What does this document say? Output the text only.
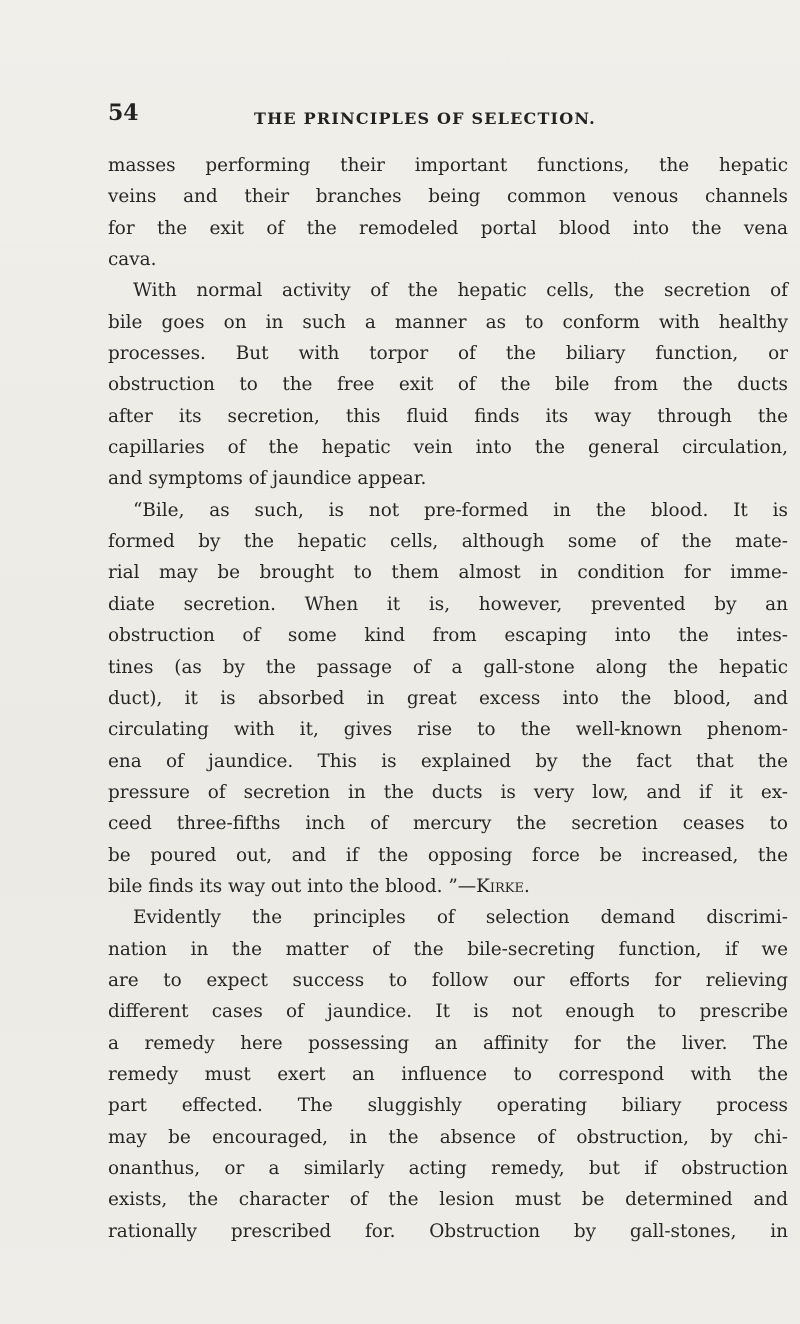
54	THE PRINCIPLES OF SELECTION.
masses performing their important functions, the hepatic
veins and their branches being common venous channels
for the exit of the remodeled portal blood into the vena
cava.
With normal activity of the hepatic cells, the secretion of
bile goes on in such a manner as to conform with healthy
processes. But with torpor of the biliary function, or
obstruction to the free exit of the bile from the ducts
after its secretion, this fluid finds its way through the
capillaries of the hepatic vein into the general circulation,
and symptoms of jaundice appear.
“Bile, as such, is not pre-formed in the blood. It is
formed by the hepatic cells, although some of the mate-
rial may be brought to them almost in condition for imme-
diate secretion. When it is, however, prevented by an
obstruction of some kind from escaping into the intes-
tines (as by the passage of a gall-stone along the hepatic
duct), it is absorbed in great excess into the blood, and
circulating with it, gives rise to the well-known phenom-
ena of jaundice. This is explained by the fact that the
pressure of secretion in the ducts is very low, and if it ex-
ceed three-fifths inch of mercury the secretion ceases to
be poured out, and if the opposing force be increased, the
bile finds its way out into the blood. ”—Kirke.
Evidently the principles of selection demand discrimi-
nation in the matter of the bile-secreting function, if we
are to expect success to follow our efforts for relieving
different cases of jaundice. It is not enough to prescribe
a remedy here possessing an affinity for the liver. The
remedy must exert an influence to correspond with the
part effected. The sluggishly operating biliary process
may be encouraged, in the absence of obstruction, by chi-
onanthus, or a similarly acting remedy, but if obstruction
exists, the character of the lesion must be determined and
rationally prescribed for. Obstruction by gall-stones, in
